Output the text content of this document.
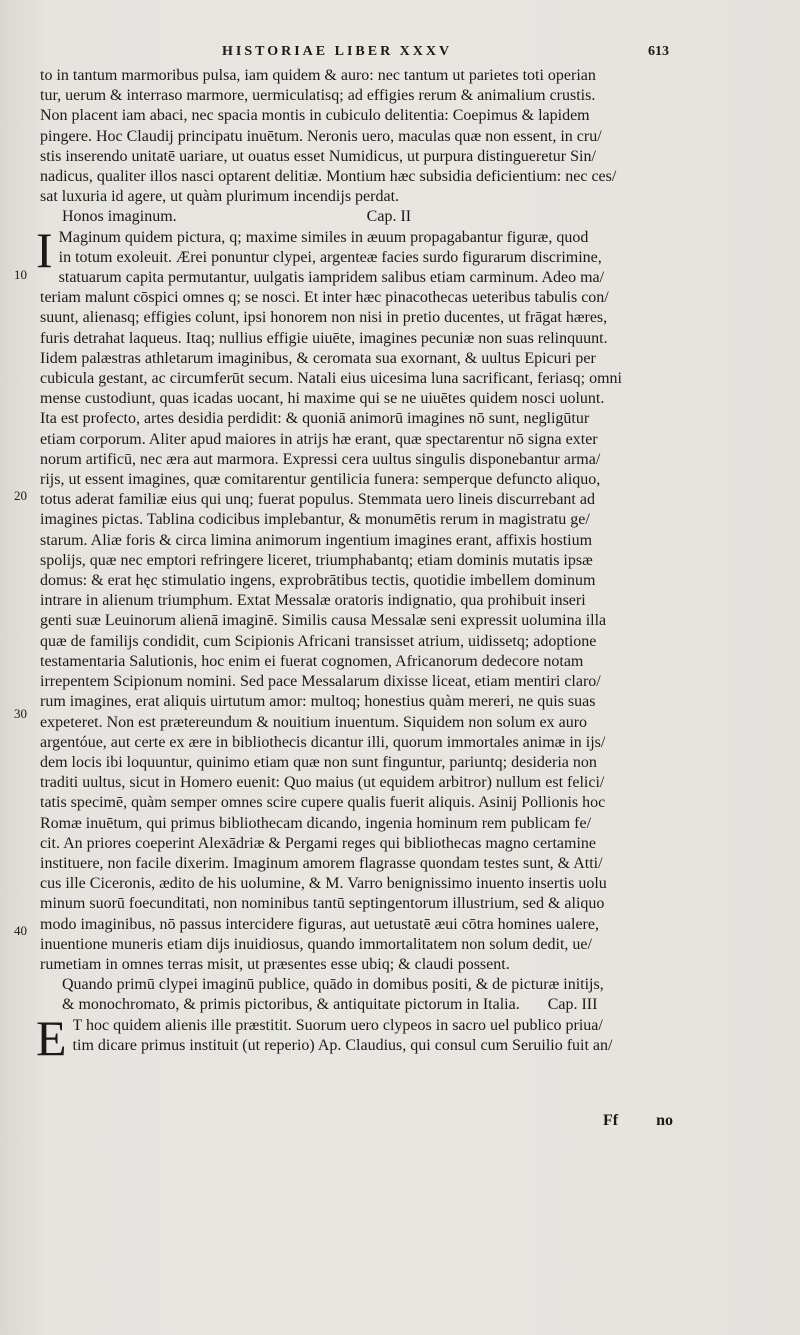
HISTORIAE LIBER XXXV	613
10
20
30
40

to in tantum marmoribus pulsa, iam quidem & auro: nec tantum ut parietes toti operian
tur, uerum & interraso marmore, uermiculatisq; ad effigies rerum & animalium crustis.
Non placent iam abaci, nec spacia montis in cubiculo delitentia: Coepimus & lapidem
pingere. Hoc Claudij principatu inuētum. Neronis uero, maculas quæ non essent, in cru/
stis inserendo unitatē uariare, ut ouatus esset Numidicus, ut purpura distingueretur Sin/
nadicus, qualiter illos nasci optarent delitiæ. Montium hæc subsidia deficientium: nec ces/
sat luxuria id agere, ut quàm plurimum incendijs perdat.

Honos imaginum.	Cap. II

I Maginum quidem pictura, q; maxime similes in æuum propagabantur figuræ, quod
in totum exoleuit. Ærei ponuntur clypei, argenteæ facies surdo figurarum discrimine,
statuarum capita permutantur, uulgatis iampridem salibus etiam carminum. Adeo ma/
teriam malunt cōspici omnes q; se nosci. Et inter hæc pinacothecas ueteribus tabulis con/
suunt, alienasq; effigies colunt, ipsi honorem non nisi in pretio ducentes, ut frāgat hæres,
furis detrahat laqueus. Itaq; nullius effigie uiuēte, imagines pecuniæ non suas relinquunt.
Iidem palæstras athletarum imaginibus, & ceromata sua exornant, & uultus Epicuri per
cubicula gestant, ac circumferūt secum. Natali eius uicesima luna sacrificant, feriasq; omni
mense custodiunt, quas icadas uocant, hi maxime qui se ne uiuētes quidem nosci uolunt.
Ita est profecto, artes desidia perdidit: & quoniā animorū imagines nō sunt, negligūtur
etiam corporum. Aliter apud maiores in atrijs hæ erant, quæ spectarentur nō signa exter
norum artificū, nec æra aut marmora. Expressi cera uultus singulis disponebantur arma/
rijs, ut essent imagines, quæ comitarentur gentilicia funera: semperque defuncto aliquo,
totus aderat familiæ eius qui unq; fuerat populus. Stemmata uero lineis discurrebant ad
imagines pictas. Tablina codicibus implebantur, & monumētis rerum in magistratu ge/
starum. Aliæ foris & circa limina animorum ingentium imagines erant, affixis hostium
spolijs, quæ nec emptori refringere liceret, triumphabantq; etiam dominis mutatis ipsæ
domus: & erat hęc stimulatio ingens, exprobrātibus tectis, quotidie imbellem dominum
intrare in alienum triumphum. Extat Messalæ oratoris indignatio, qua prohibuit inseri
genti suæ Leuinorum alienā imaginē. Similis causa Messalæ seni expressit uolumina illa
quæ de familijs condidit, cum Scipionis Africani transisset atrium, uidissetq; adoptione
testamentaria Salutionis, hoc enim ei fuerat cognomen, Africanorum dedecore notam
irrepentem Scipionum nomini. Sed pace Messalarum dixisse liceat, etiam mentiri claro/
rum imagines, erat aliquis uirtutum amor: multoq; honestius quàm mereri, ne quis suas
expeteret. Non est prætereundum & nouitium inuentum. Siquidem non solum ex auro
argentóue, aut certe ex ære in bibliothecis dicantur illi, quorum immortales animæ in ijs/
dem locis ibi loquuntur, quinimo etiam quæ non sunt finguntur, pariuntq; desideria non
traditi uultus, sicut in Homero euenit: Quo maius (ut equidem arbitror) nullum est felici/
tatis specimē, quàm semper omnes scire cupere qualis fuerit aliquis. Asinij Pollionis hoc
Romæ inuētum, qui primus bibliothecam dicando, ingenia hominum rem publicam fe/
cit. An priores coeperint Alexādriæ & Pergami reges qui bibliothecas magno certamine
instituere, non facile dixerim. Imaginum amorem flagrasse quondam testes sunt, & Atti/
cus ille Ciceronis, ædito de his uolumine, & M. Varro benignissimo inuento insertis uolu
minum suorū foecunditati, non nominibus tantū septingentorum illustrium, sed & aliquo
modo imaginibus, nō passus intercidere figuras, aut uetustatē æui cōtra homines ualere,
inuentione muneris etiam dijs inuidiosus, quando immortalitatem non solum dedit, ue/
rumetiam in omnes terras misit, ut præsentes esse ubiq; & claudi possent.

Quando primū clypei imaginū publice, quādo in domibus positi, & de picturæ initijs,
& monochromato, & primis pictoribus, & antiquitate pictorum in Italia. Cap. III

E T hoc quidem alienis ille præstitit. Suorum uero clypeos in sacro uel publico priua/
tim dicare primus instituit (ut reperio) Ap. Claudius, qui consul cum Seruilio fuit an/

Ff no
